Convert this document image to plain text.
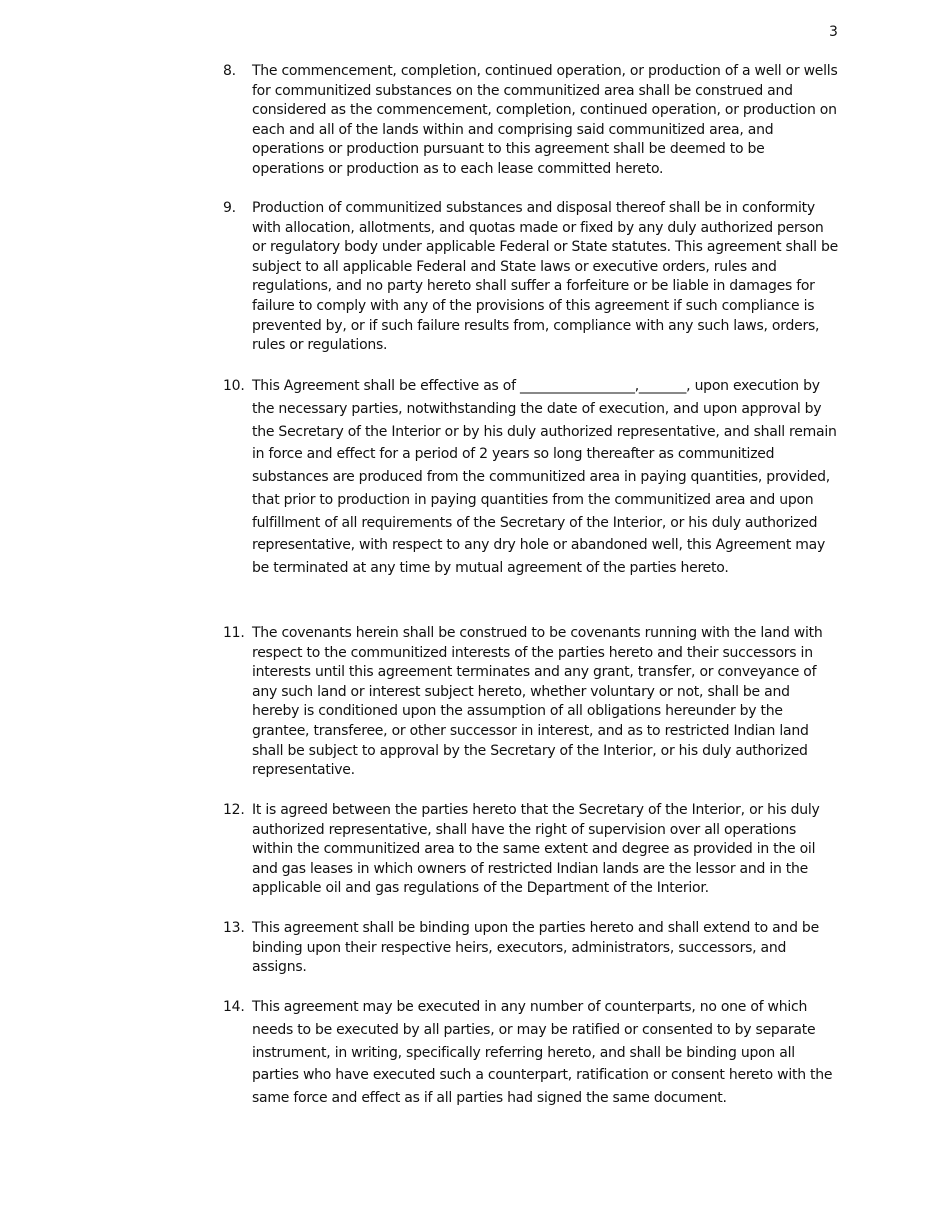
3
8.	The commencement, completion, continued operation, or production of a well or wells for communitized substances on the communitized area shall be construed and considered as the commencement, completion, continued operation, or production on each and all of the lands within and comprising said communitized area, and operations or production pursuant to this agreement shall be deemed to be operations or production as to each lease committed hereto.
9.	Production of communitized substances and disposal thereof shall be in conformity with allocation, allotments, and quotas made or fixed by any duly authorized person or regulatory body under applicable Federal or State statutes. This agreement shall be subject to all applicable Federal and State laws or executive orders, rules and regulations, and no party hereto shall suffer a forfeiture or be liable in damages for failure to comply with any of the provisions of this agreement if such compliance is prevented by, or if such failure results from, compliance with any such laws, orders, rules or regulations.
10. This Agreement shall be effective as of _________________,_______, upon execution by the necessary parties, notwithstanding the date of execution, and upon approval by the Secretary of the Interior or by his duly authorized representative, and shall remain in force and effect for a period of 2 years so long thereafter as communitized substances are produced from the communitized area in paying quantities, provided, that prior to production in paying quantities from the communitized area and upon fulfillment of all requirements of the Secretary of the Interior, or his duly authorized representative, with respect to any dry hole or abandoned well, this Agreement may be terminated at any time by mutual agreement of the parties hereto.
11. The covenants herein shall be construed to be covenants running with the land with respect to the communitized interests of the parties hereto and their successors in interests until this agreement terminates and any grant, transfer, or conveyance of any such land or interest subject hereto, whether voluntary or not, shall be and hereby is conditioned upon the assumption of all obligations hereunder by the grantee, transferee, or other successor in interest, and as to restricted Indian land shall be subject to approval by the Secretary of the Interior, or his duly authorized representative.
12. It is agreed between the parties hereto that the Secretary of the Interior, or his duly authorized representative, shall have the right of supervision over all operations within the communitized area to the same extent and degree as provided in the oil and gas leases in which owners of restricted Indian lands are the lessor and in the applicable oil and gas regulations of the Department of the Interior.
13. This agreement shall be binding upon the parties hereto and shall extend to and be binding upon their respective heirs, executors, administrators, successors, and assigns.
14. This agreement may be executed in any number of counterparts, no one of which needs to be executed by all parties, or may be ratified or consented to by separate instrument, in writing, specifically referring hereto, and shall be binding upon all parties who have executed such a counterpart, ratification or consent hereto with the same force and effect as if all parties had signed the same document.
